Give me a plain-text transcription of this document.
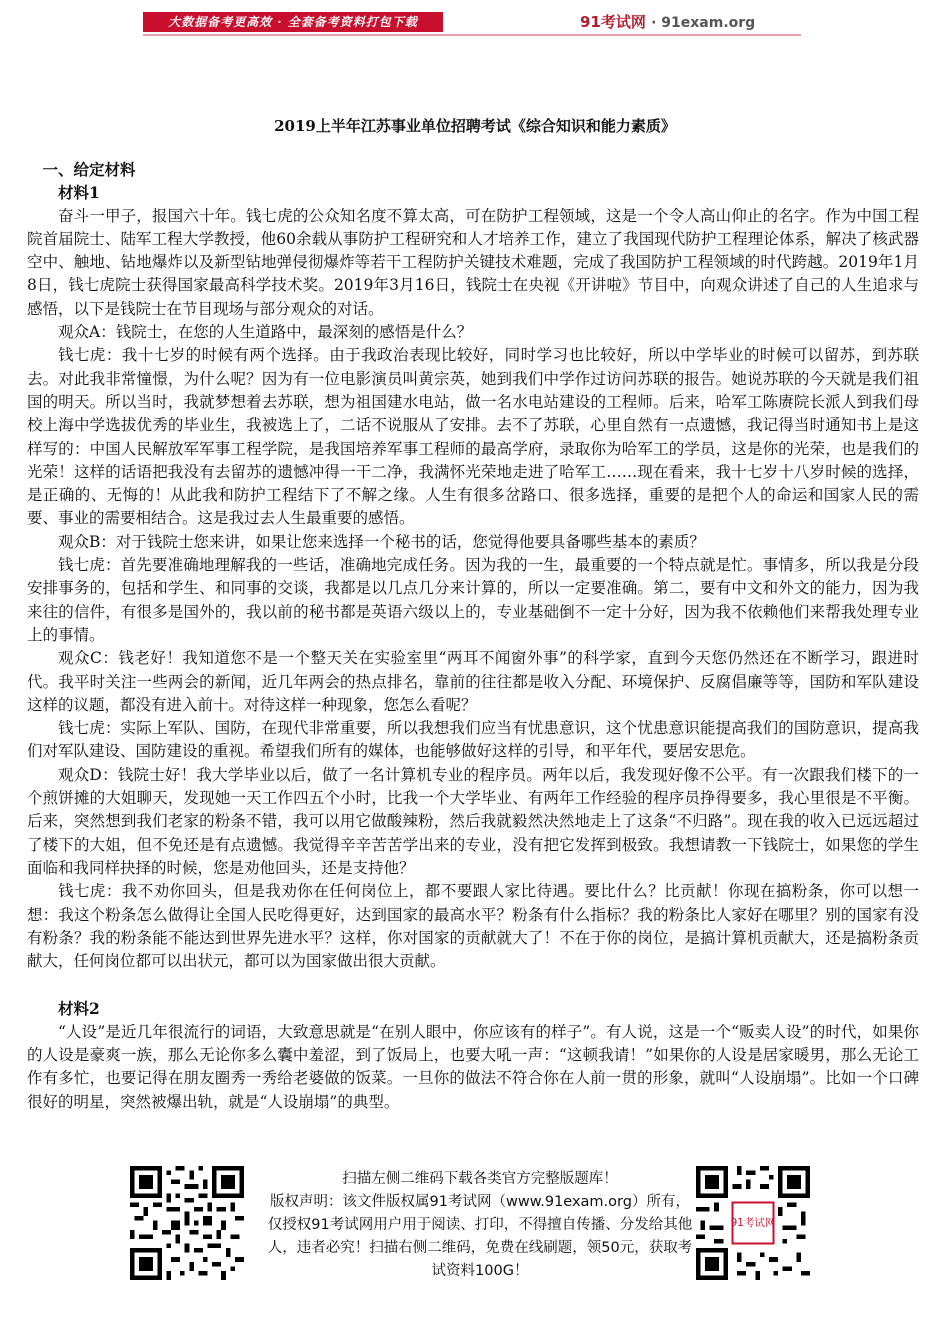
大数据备考更高效 · 全套备考资料打包下载	91考试网 · 91exam.org
2019上半年江苏事业单位招聘考试《综合知识和能力素质》

一、给定材料

材料1

奋斗一甲子，报国六十年。钱七虎的公众知名度不算太高，可在防护工程领域，这是一个令人高山仰止的名字。作为中国工程院首届院士、陆军工程大学教授，他60余载从事防护工程研究和人才培养工作，建立了我国现代防护工程理论体系，解决了核武器空中、触地、钻地爆炸以及新型钻地弹侵彻爆炸等若干工程防护关键技术难题，完成了我国防护工程领域的时代跨越。2019年1月8日，钱七虎院士获得国家最高科学技术奖。2019年3月16日，钱院士在央视《开讲啦》节目中，向观众讲述了自己的人生追求与感悟，以下是钱院士在节目现场与部分观众的对话。

观众A：钱院士，在您的人生道路中，最深刻的感悟是什么？

钱七虎：我十七岁的时候有两个选择。由于我政治表现比较好，同时学习也比较好，所以中学毕业的时候可以留苏，到苏联去。对此我非常憧憬，为什么呢？因为有一位电影演员叫黄宗英，她到我们中学作过访问苏联的报告。她说苏联的今天就是我们祖国的明天。所以当时，我就梦想着去苏联，想为祖国建水电站，做一名水电站建设的工程师。后来，哈军工陈赓院长派人到我们母校上海中学选拔优秀的毕业生，我被选上了，二话不说服从了安排。去不了苏联，心里自然有一点遗憾，我记得当时通知书上是这样写的：中国人民解放军军事工程学院，是我国培养军事工程师的最高学府，录取你为哈军工的学员，这是你的光荣，也是我们的光荣！这样的话语把我没有去留苏的遗憾冲得一干二净，我满怀光荣地走进了哈军工……现在看来，我十七岁十八岁时候的选择，是正确的、无悔的！从此我和防护工程结下了不解之缘。人生有很多岔路口、很多选择，重要的是把个人的命运和国家人民的需要、事业的需要相结合。这是我过去人生最重要的感悟。

观众B：对于钱院士您来讲，如果让您来选择一个秘书的话，您觉得他要具备哪些基本的素质？

钱七虎：首先要准确地理解我的一些话，准确地完成任务。因为我的一生，最重要的一个特点就是忙。事情多，所以我是分段安排事务的，包括和学生、和同事的交谈，我都是以几点几分来计算的，所以一定要准确。第二，要有中文和外文的能力，因为我来往的信件，有很多是国外的，我以前的秘书都是英语六级以上的，专业基础倒不一定十分好，因为我不依赖他们来帮我处理专业上的事情。

观众C：钱老好！我知道您不是一个整天关在实验室里“两耳不闻窗外事”的科学家，直到今天您仍然还在不断学习，跟进时代。我平时关注一些两会的新闻，近几年两会的热点排名，靠前的往往都是收入分配、环境保护、反腐倡廉等等，国防和军队建设这样的议题，都没有进入前十。对待这样一种现象，您怎么看呢？

钱七虎：实际上军队、国防，在现代非常重要，所以我想我们应当有忧患意识，这个忧患意识能提高我们的国防意识，提高我们对军队建设、国防建设的重视。希望我们所有的媒体，也能够做好这样的引导，和平年代，要居安思危。

观众D：钱院士好！我大学毕业以后，做了一名计算机专业的程序员。两年以后，我发现好像不公平。有一次跟我们楼下的一个煎饼摊的大姐聊天，发现她一天工作四五个小时，比我一个大学毕业、有两年工作经验的程序员挣得要多，我心里很是不平衡。后来，突然想到我们老家的粉条不错，我可以用它做酸辣粉，然后我就毅然决然地走上了这条“不归路”。现在我的收入已远远超过了楼下的大姐，但不免还是有点遗憾。我觉得辛辛苦苦学出来的专业，没有把它发挥到极致。我想请教一下钱院士，如果您的学生面临和我同样抉择的时候，您是劝他回头，还是支持他？

钱七虎：我不劝你回头，但是我劝你在任何岗位上，都不要跟人家比待遇。要比什么？比贡献！你现在搞粉条，你可以想一想：我这个粉条怎么做得让全国人民吃得更好，达到国家的最高水平？粉条有什么指标？我的粉条比人家好在哪里？别的国家有没有粉条？我的粉条能不能达到世界先进水平？这样，你对国家的贡献就大了！不在于你的岗位，是搞计算机贡献大，还是搞粉条贡献大，任何岗位都可以出状元，都可以为国家做出很大贡献。

材料2

“人设”是近几年很流行的词语，大致意思就是“在别人眼中，你应该有的样子”。有人说，这是一个“贩卖人设”的时代，如果你的人设是豪爽一族，那么无论你多么囊中羞涩，到了饭局上，也要大吼一声：“这顿我请！”如果你的人设是居家暖男，那么无论工作有多忙，也要记得在朋友圈秀一秀给老婆做的饭菜。一旦你的做法不符合你在人前一贯的形象，就叫“人设崩塌”。比如一个口碑很好的明星，突然被爆出轨，就是“人设崩塌”的典型。

扫描左侧二维码下载各类官方完整版题库！
版权声明：该文件版权属91考试网（www.91exam.org）所有，仅授权91考试网用户用于阅读、打印，不得擅自传播、分发给其他人，违者必究！扫描右侧二维码，免费在线刷题，领50元，获取考试资料100G！
91考试网
